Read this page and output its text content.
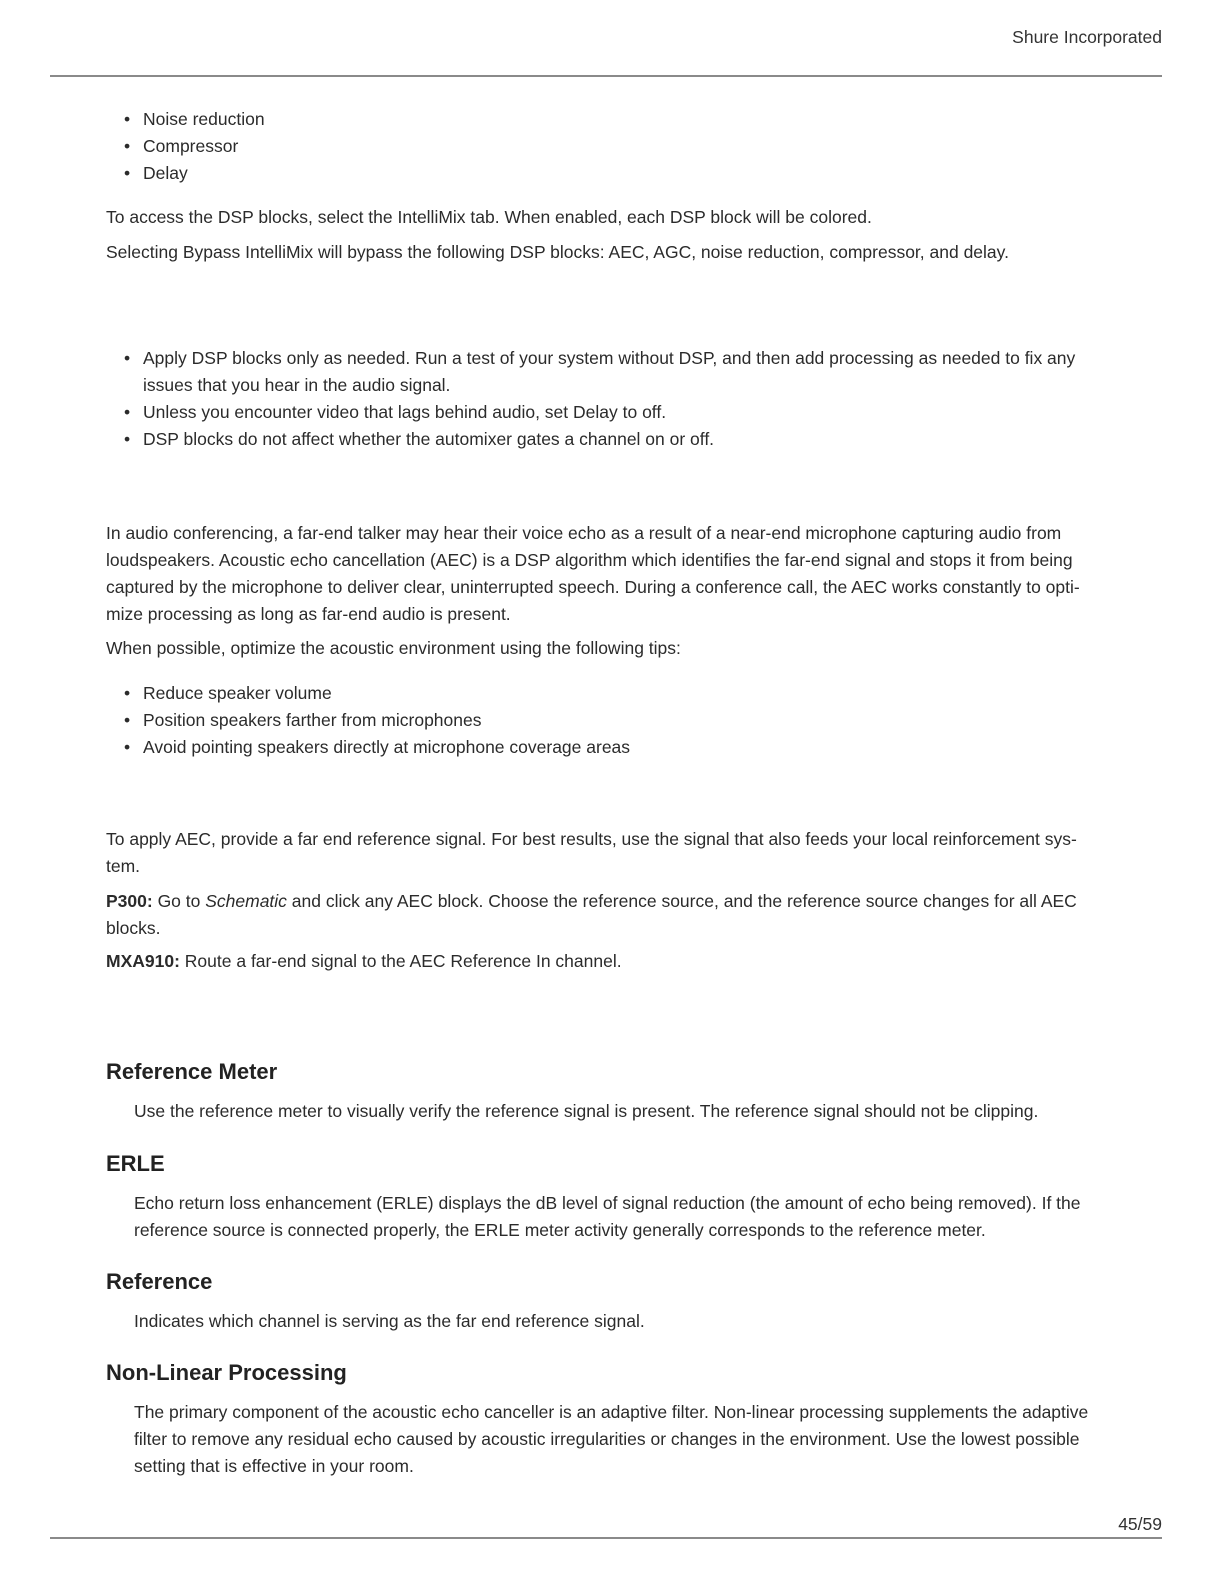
Shure Incorporated
• Noise reduction
• Compressor
• Delay

To access the DSP blocks, select the IntelliMix tab. When enabled, each DSP block will be colored.

Selecting Bypass IntelliMix will bypass the following DSP blocks: AEC, AGC, noise reduction, compressor, and delay.

• Apply DSP blocks only as needed. Run a test of your system without DSP, and then add processing as needed to fix any issues that you hear in the audio signal.
• Unless you encounter video that lags behind audio, set Delay to off.
• DSP blocks do not affect whether the automixer gates a channel on or off.

In audio conferencing, a far-end talker may hear their voice echo as a result of a near-end microphone capturing audio from loudspeakers. Acoustic echo cancellation (AEC) is a DSP algorithm which identifies the far-end signal and stops it from being captured by the microphone to deliver clear, uninterrupted speech. During a conference call, the AEC works constantly to opti-mize processing as long as far-end audio is present.

When possible, optimize the acoustic environment using the following tips:

• Reduce speaker volume
• Position speakers farther from microphones
• Avoid pointing speakers directly at microphone coverage areas

To apply AEC, provide a far end reference signal. For best results, use the signal that also feeds your local reinforcement sys-tem.

P300: Go to Schematic and click any AEC block. Choose the reference source, and the reference source changes for all AEC blocks.

MXA910: Route a far-end signal to the AEC Reference In channel.

Reference Meter

Use the reference meter to visually verify the reference signal is present. The reference signal should not be clipping.

ERLE

Echo return loss enhancement (ERLE) displays the dB level of signal reduction (the amount of echo being removed). If the reference source is connected properly, the ERLE meter activity generally corresponds to the reference meter.

Reference

Indicates which channel is serving as the far end reference signal.

Non-Linear Processing

The primary component of the acoustic echo canceller is an adaptive filter. Non-linear processing supplements the adaptive filter to remove any residual echo caused by acoustic irregularities or changes in the environment. Use the lowest possible setting that is effective in your room.

45/59
